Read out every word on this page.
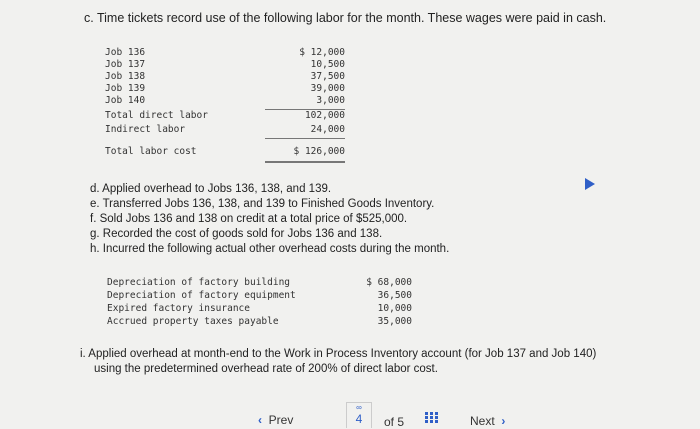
c. Time tickets record use of the following labor for the month. These wages were paid in cash.
Job 136	$ 12,000
Job 137	10,500
Job 138	37,500
Job 139	39,000
Job 140	3,000
Total direct labor	102,000
Indirect labor	24,000
Total labor cost	$ 126,000
d. Applied overhead to Jobs 136, 138, and 139.
e. Transferred Jobs 136, 138, and 139 to Finished Goods Inventory.
f. Sold Jobs 136 and 138 on credit at a total price of $525,000.
g. Recorded the cost of goods sold for Jobs 136 and 138.
h. Incurred the following actual other overhead costs during the month.
Depreciation of factory building	$ 68,000
Depreciation of factory equipment	36,500
Expired factory insurance	10,000
Accrued property taxes payable	35,000
i. Applied overhead at month-end to the Work in Process Inventory account (for Job 137 and Job 140)
using the predetermined overhead rate of 200% of direct labor cost.
‹ Prev
∞
4	of 5	Next ›
